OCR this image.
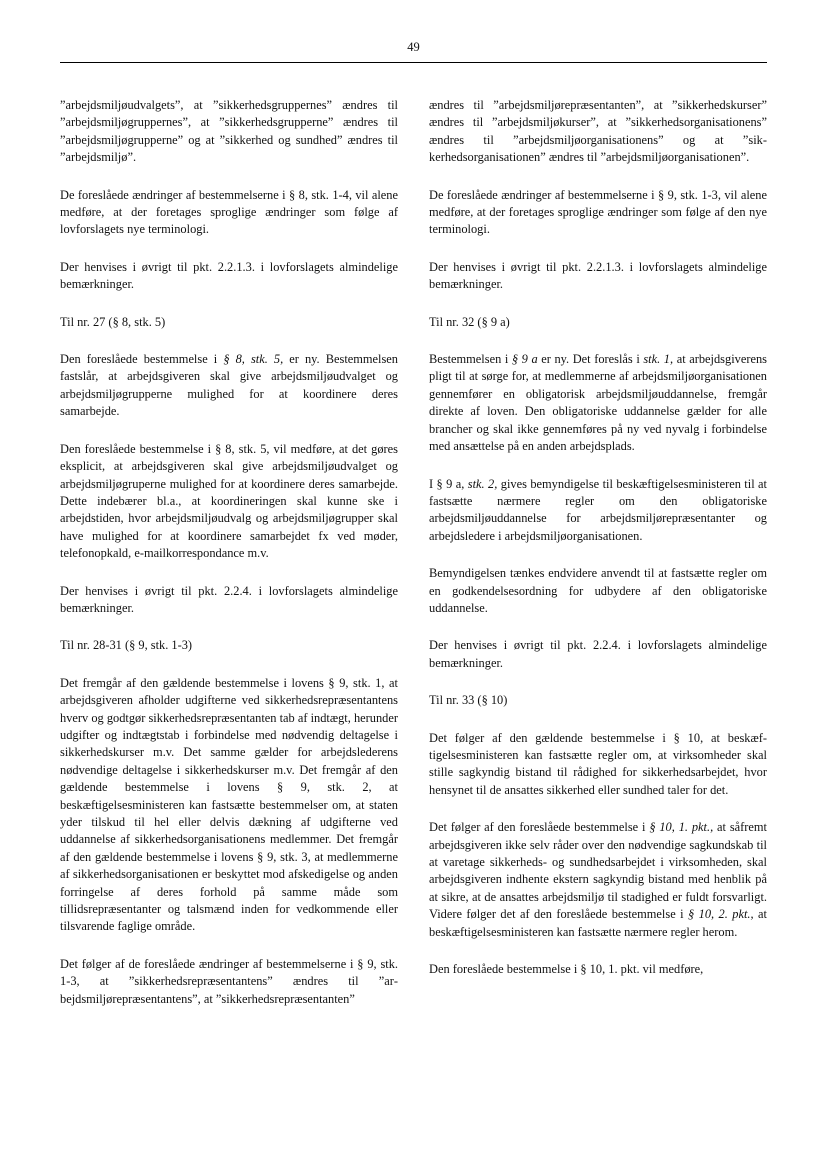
49

”arbejdsmiljøudvalgets”, at ”sikkerhedsgruppernes” ændres til ”arbejdsmiljøgruppernes”, at ”sikkerhedsgrupperne” ændres til ”arbejdsmiljøgrupperne” og at ”sikkerhed og sundhed” ændres til ”arbejdsmiljø”.

De foreslåede ændringer af bestemmelserne i § 8, stk. 1-4, vil alene medføre, at der foretages sproglige ændringer som følge af lovforslagets nye terminologi.

Der henvises i øvrigt til pkt. 2.2.1.3. i lovforslagets almindelige bemærkninger.

Til nr. 27 (§ 8, stk. 5)

Den foreslåede bestemmelse i § 8, stk. 5, er ny. Bestemmelsen fastslår, at arbejdsgiveren skal give arbejdsmiljøudvalget og arbejdsmiljøgrupperne mulighed for at koordinere deres samarbejde.

Den foreslåede bestemmelse i § 8, stk. 5, vil medføre, at det gøres eksplicit, at arbejdsgiveren skal give arbejdsmiljøudvalget og arbejdsmiljøgruperne mulighed for at koordinere deres samarbejde. Dette indebærer bl.a., at koordineringen skal kunne ske i arbejdstiden, hvor arbejdsmiljøudvalg og arbejdsmiljøgrupper skal have mulighed for at koordinere samarbejdet fx ved møder, telefonopkald, e-mailkorrespondance m.v.

Der henvises i øvrigt til pkt. 2.2.4. i lovforslagets almindelige bemærkninger.

Til nr. 28-31 (§ 9, stk. 1-3)

Det fremgår af den gældende bestemmelse i lovens § 9, stk. 1, at arbejdsgiveren afholder udgifterne ved sikkerhedsrepræsentantens hverv og godtgør sikkerhedsrepræsentanten tab af indtægt, herunder udgifter og indtægtstab i forbindelse med nødvendig deltagelse i sikkerhedskurser m.v. Det samme gælder for arbejdslederens nødvendige deltagelse i sikkerhedskurser m.v. Det fremgår af den gældende bestemmelse i lovens § 9, stk. 2, at beskæftigelsesministeren kan fastsætte bestemmelser om, at staten yder tilskud til hel eller delvis dækning af udgifterne ved uddannelse af sikkerhedsorganisationens medlemmer. Det fremgår af den gældende bestemmelse i lovens § 9, stk. 3, at medlemmerne af sikkerhedsorganisationen er beskyttet mod afskedigelse og anden forringelse af deres forhold på samme måde som tillidsrepræsentanter og talsmænd inden for vedkommende eller tilsvarende faglige område.

Det følger af de foreslåede ændringer af bestemmelserne i § 9, stk. 1-3, at ”sikkerhedsrepræsentantens” ændres til ”arbejdsmiljørepræsentantens”, at ”sikkerhedsrepræsentanten”

ændres til ”arbejdsmiljørepræsentanten”, at ”sikkerhedskurser” ændres til ”arbejdsmiljøkurser”, at ”sikkerhedsorganisationens” ændres til ”arbejdsmiljøorganisationens” og at ”sikkerhedsorganisationen” ændres til ”arbejdsmiljøorganisationen”.

De foreslåede ændringer af bestemmelserne i § 9, stk. 1-3, vil alene medføre, at der foretages sproglige ændringer som følge af den nye terminologi.

Der henvises i øvrigt til pkt. 2.2.1.3. i lovforslagets almindelige bemærkninger.

Til nr. 32 (§ 9 a)

Bestemmelsen i § 9 a er ny. Det foreslås i stk. 1, at arbejdsgiverens pligt til at sørge for, at medlemmerne af arbejdsmiljøorganisationen gennemfører en obligatorisk arbejdsmiljøuddannelse, fremgår direkte af loven. Den obligatoriske uddannelse gælder for alle brancher og skal ikke gennemføres på ny ved nyvalg i forbindelse med ansættelse på en anden arbejdsplads.

I § 9 a, stk. 2, gives bemyndigelse til beskæftigelsesministeren til at fastsætte nærmere regler om den obligatoriske arbejdsmiljøuddannelse for arbejdsmiljørepræsentanter og arbejdsledere i arbejdsmiljøorganisationen.

Bemyndigelsen tænkes endvidere anvendt til at fastsætte regler om en godkendelsesordning for udbydere af den obligatoriske uddannelse.

Der henvises i øvrigt til pkt. 2.2.4. i lovforslagets almindelige bemærkninger.

Til nr. 33 (§ 10)

Det følger af den gældende bestemmelse i § 10, at beskæftigelsesministeren kan fastsætte regler om, at virksomheder skal stille sagkyndig bistand til rådighed for sikkerhedsarbejdet, hvor hensynet til de ansattes sikkerhed eller sundhed taler for det.

Det følger af den foreslåede bestemmelse i § 10, 1. pkt., at såfremt arbejdsgiveren ikke selv råder over den nødvendige sagkundskab til at varetage sikkerheds- og sundhedsarbejdet i virksomheden, skal arbejdsgiveren indhente ekstern sagkyndig bistand med henblik på at sikre, at de ansattes arbejdsmiljø til stadighed er fuldt forsvarligt. Videre følger det af den foreslåede bestemmelse i § 10, 2. pkt., at beskæftigelsesministeren kan fastsætte nærmere regler herom.

Den foreslåede bestemmelse i § 10, 1. pkt. vil medføre,
